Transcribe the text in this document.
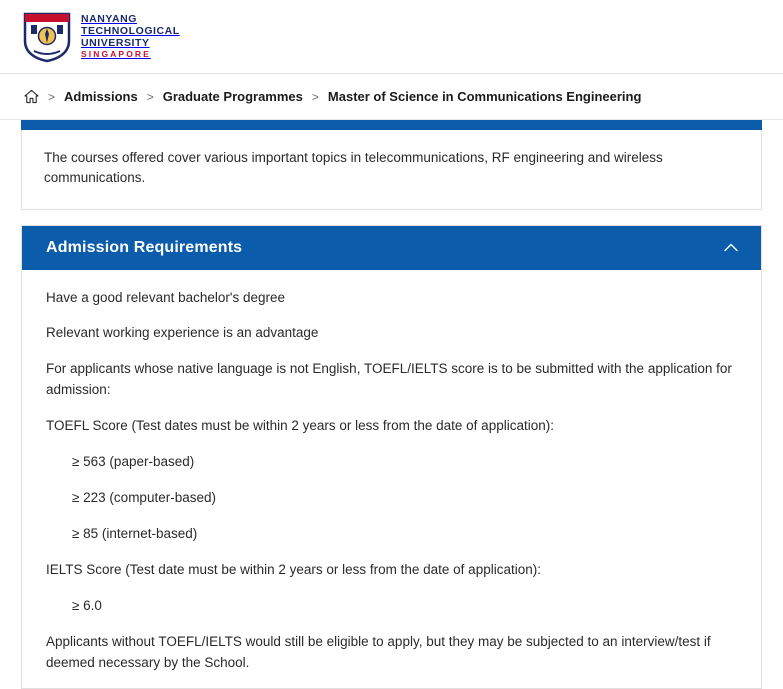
NANYANG
TECHNOLOGICAL
UNIVERSITY
SINGAPORE
> Admissions > Graduate Programmes > Master of Science in Communications Engineering
The courses offered cover various important topics in telecommunications, RF engineering and wireless communications.
Admission Requirements

Have a good relevant bachelor's degree

Relevant working experience is an advantage

For applicants whose native language is not English, TOEFL/IELTS score is to be submitted with the application for admission:

TOEFL Score (Test dates must be within 2 years or less from the date of application):

≥ 563 (paper-based)

≥ 223 (computer-based)

≥ 85 (internet-based)

IELTS Score (Test date must be within 2 years or less from the date of application):

≥ 6.0

Applicants without TOEFL/IELTS would still be eligible to apply, but they may be subjected to an interview/test if deemed necessary by the School.
